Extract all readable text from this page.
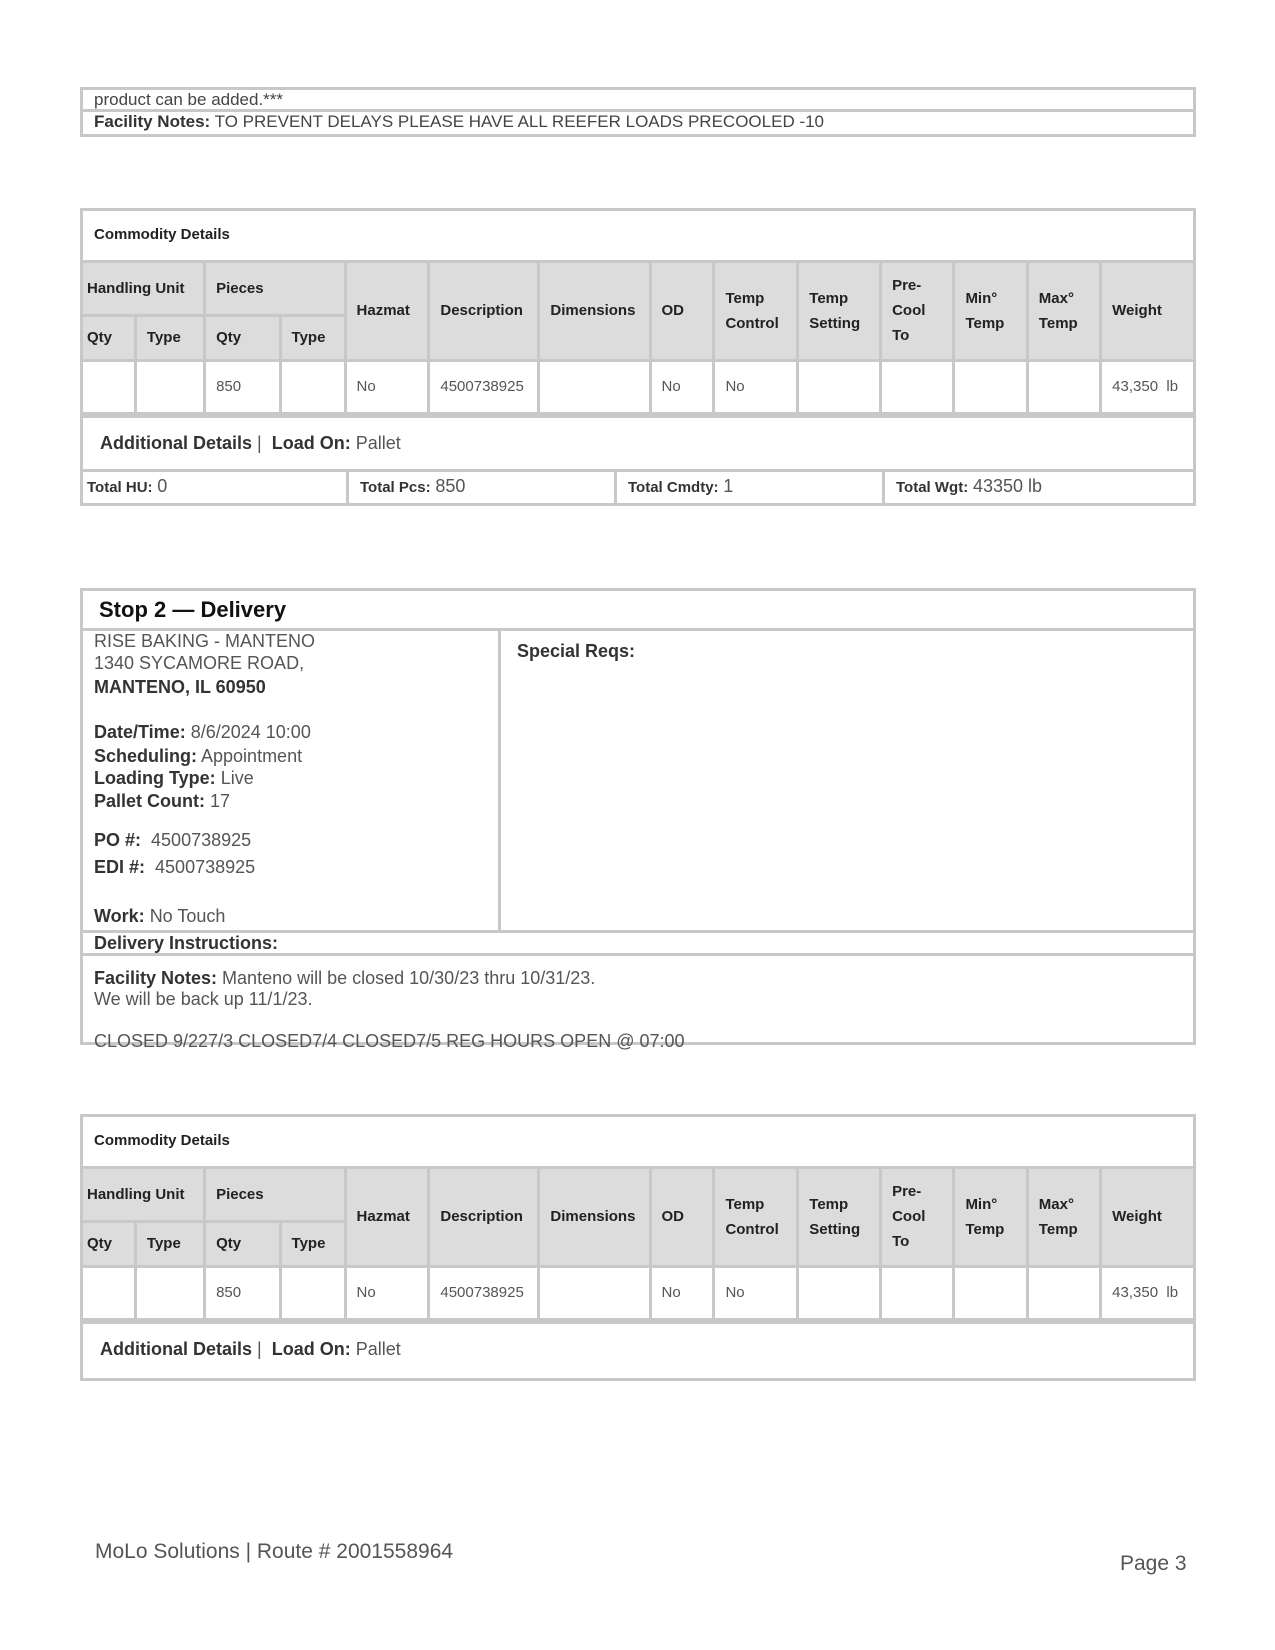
product can be added.***
Facility Notes: TO PREVENT DELAYS PLEASE HAVE ALL REEFER LOADS PRECOOLED -10
Commodity Details
Handling Unit		Pieces		Hazmat	Description	Dimensions	OD	Temp Control	Temp Setting	Pre-Cool To	Min° Temp	Max° Temp	Weight
Qty	Type	Qty	Type										
		850		No	4500738925		No	No					43,350  lb
Additional Details | Load On: Pallet
Total HU: 0	Total Pcs: 850	Total Cmdty: 1	Total Wgt: 43350 lb
Stop 2 — Delivery
RISE BAKING - MANTENO
1340 SYCAMORE ROAD,
MANTENO, IL 60950
Date/Time: 8/6/2024 10:00
Scheduling: Appointment
Loading Type: Live
Pallet Count: 17
PO #: 4500738925
EDI #: 4500738925
Work: No Touch
Special Reqs:
Delivery Instructions:
Facility Notes: Manteno will be closed 10/30/23 thru 10/31/23.
We will be back up 11/1/23.
CLOSED 9/227/3 CLOSED7/4 CLOSED7/5 REG HOURS OPEN @ 07:00
Commodity Details
Handling Unit		Pieces		Hazmat	Description	Dimensions	OD	Temp Control	Temp Setting	Pre-Cool To	Min° Temp	Max° Temp	Weight
Qty	Type	Qty	Type										
		850		No	4500738925		No	No					43,350  lb
Additional Details | Load On: Pallet
MoLo Solutions | Route # 2001558964
Page 3
